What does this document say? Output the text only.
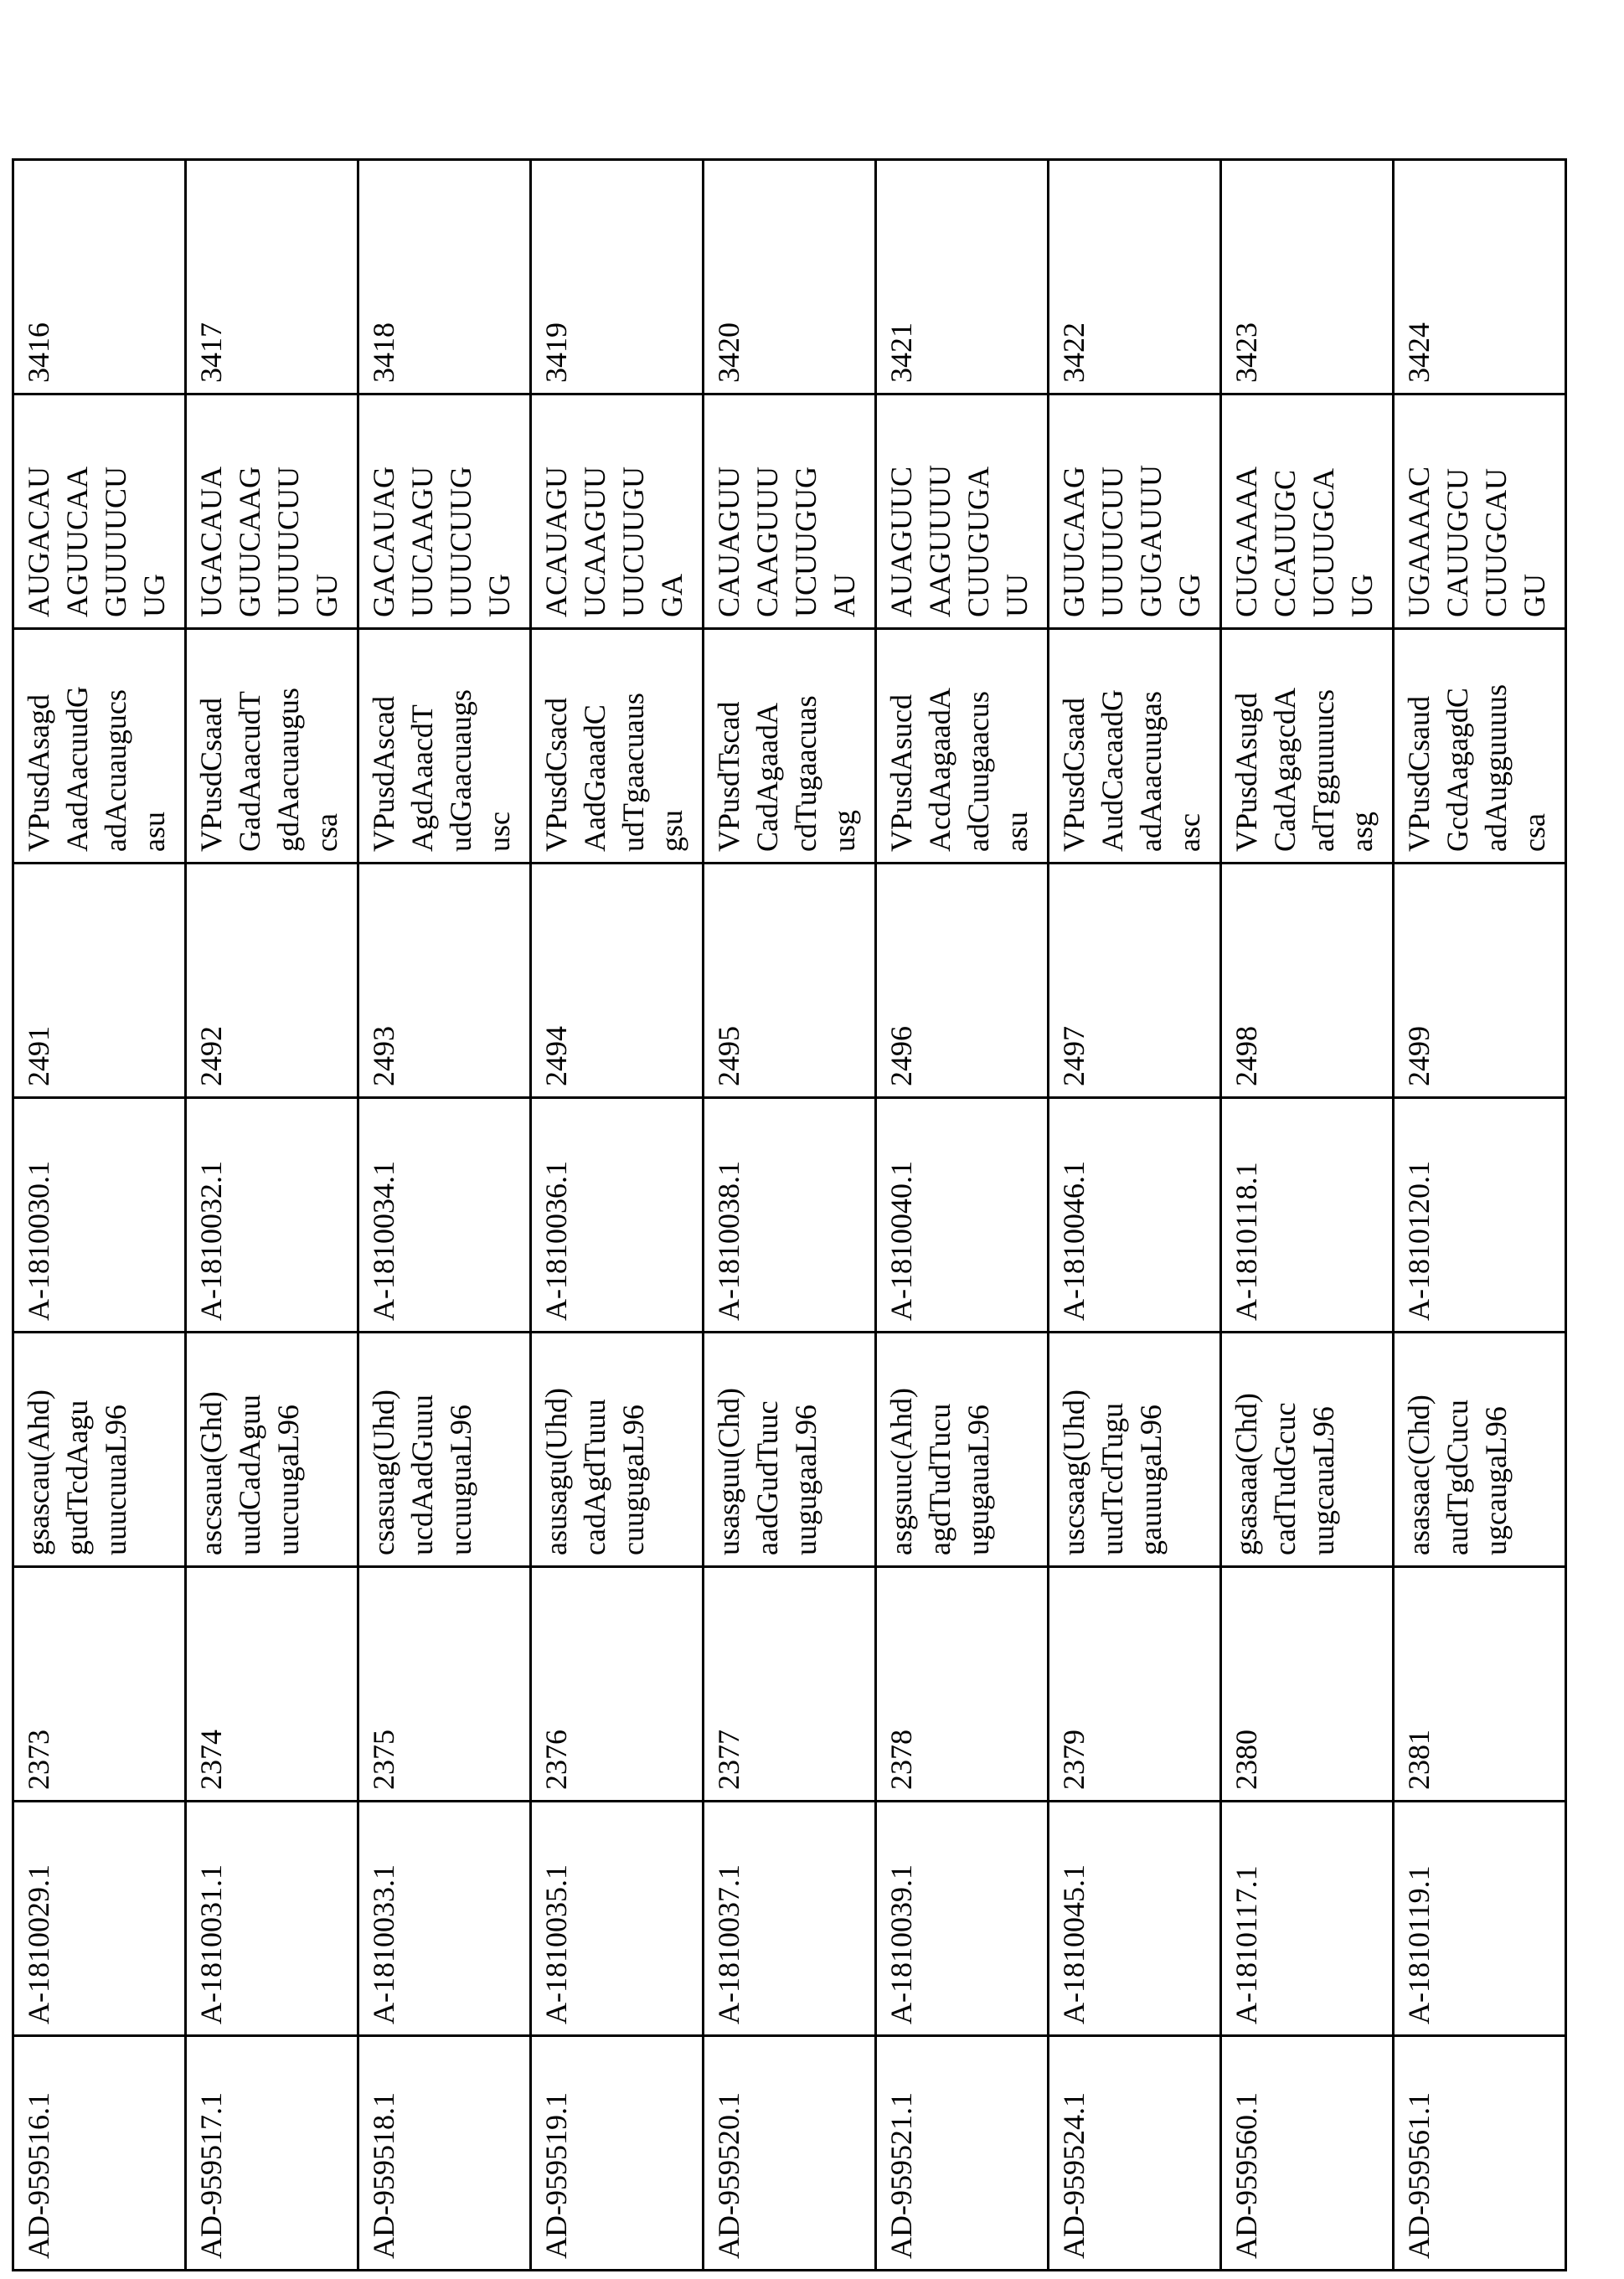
AD-959516.1	A-1810029.1	2373	gsascau(Ahd)
gudTcdAagu
uuucuuaL96	A-1810030.1	2491	VPusdAsagd
AadAacuudG
adAcuaugucs
asu	AUGACAU
AGUUCAA
GUUUUCU
UG	3416
AD-959517.1	A-1810031.1	2374	ascsaua(Ghd)
uudCadAguu
uucuugaL96	A-1810032.1	2492	VPusdCsaad
GadAaacudT
gdAacuaugus
csa	UGACAUA
GUUCAAG
UUUUCUU
GU	3417
AD-959518.1	A-1810033.1	2375	csasuag(Uhd)
ucdAadGuuu
ucuuguaL96	A-1810034.1	2493	VPusdAscad
AgdAaacdT
udGaacuaugs
usc	GACAUAG
UUCAAGU
UUUCUUG
UG	3418
AD-959519.1	A-1810035.1	2376	asusagu(Uhd)
cadAgdTuuu
cuugugaL96	A-1810036.1	2494	VPusdCsacd
AadGaaadC
udTgaacuaus
gsu	ACAUAGU
UCAAGUU
UUCUUGU
GA	3419
AD-959520.1	A-1810037.1	2377	usasguu(Chd)
aadGudTuuc
uugugaaL96	A-1810038.1	2495	VPusdTscad
CadAgaadA
cdTugaacuas
usg	CAUAGUU
CAAGUUU
UCUUGUG
AU	3420
AD-959521.1	A-1810039.1	2378	asgsuuc(Ahd)
agdTudTucu
ugugauaL96	A-1810040.1	2496	VPusdAsucd
AcdAagaadA
adCuugaacus
asu	AUAGUUC
AAGUUUU
CUUGUGA
UU	3421
AD-959524.1	A-1810045.1	2379	uscsaag(Uhd)
uudTcdTugu
gauuugaL96	A-1810046.1	2497	VPusdCsaad
AudCacaadG
adAaacuugas
asc	GUUCAAG
UUUUCUU
GUGAUUU
GG	3422
AD-959560.1	A-1810117.1	2380	gsasaaa(Chd)
cadTudGcuc
uugcauaL96	A-1810118.1	2498	VPusdAsugd
CadAgagcdA
adTgguuuucs
asg	CUGAAAA
CCAUUGC
UCUUGCA
UG	3423
AD-959561.1	A-1810119.1	2381	asasaac(Chd)
audTgdCucu
ugcaugaL96	A-1810120.1	2499	VPusdCsaud
GcdAagagdC
adAugguuuus
csa	UGAAAAC
CAUUGCU
CUUGCAU
GU	3424
